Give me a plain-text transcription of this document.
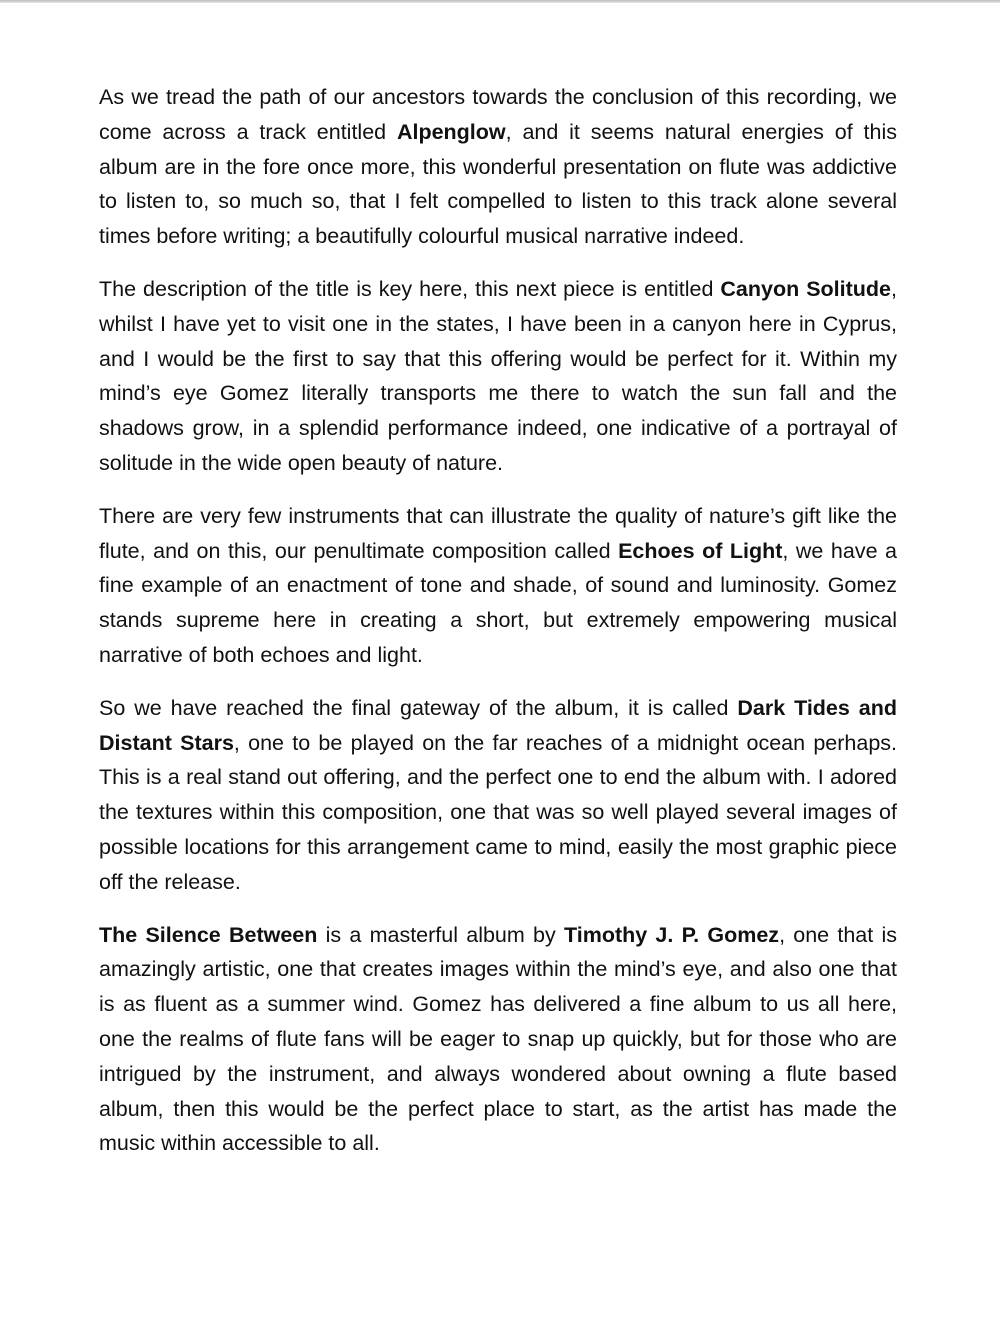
As we tread the path of our ancestors towards the conclusion of this recording, we come across a track entitled Alpenglow, and it seems natural energies of this album are in the fore once more, this wonderful presentation on flute was addictive to listen to, so much so, that I felt compelled to listen to this track alone several times before writing; a beautifully colourful musical narrative indeed.

The description of the title is key here, this next piece is entitled Canyon Solitude, whilst I have yet to visit one in the states, I have been in a canyon here in Cyprus, and I would be the first to say that this offering would be perfect for it. Within my mind’s eye Gomez literally transports me there to watch the sun fall and the shadows grow, in a splendid performance indeed, one indicative of a portrayal of solitude in the wide open beauty of nature.

There are very few instruments that can illustrate the quality of nature’s gift like the flute, and on this, our penultimate composition called Echoes of Light, we have a fine example of an enactment of tone and shade, of sound and luminosity. Gomez stands supreme here in creating a short, but extremely empowering musical narrative of both echoes and light.

So we have reached the final gateway of the album, it is called Dark Tides and Distant Stars, one to be played on the far reaches of a midnight ocean perhaps. This is a real stand out offering, and the perfect one to end the album with. I adored the textures within this composition, one that was so well played several images of possible locations for this arrangement came to mind, easily the most graphic piece off the release.

The Silence Between is a masterful album by Timothy J. P. Gomez, one that is amazingly artistic, one that creates images within the mind’s eye, and also one that is as fluent as a summer wind. Gomez has delivered a fine album to us all here, one the realms of flute fans will be eager to snap up quickly, but for those who are intrigued by the instrument, and always wondered about owning a flute based album, then this would be the perfect place to start, as the artist has made the music within accessible to all.
